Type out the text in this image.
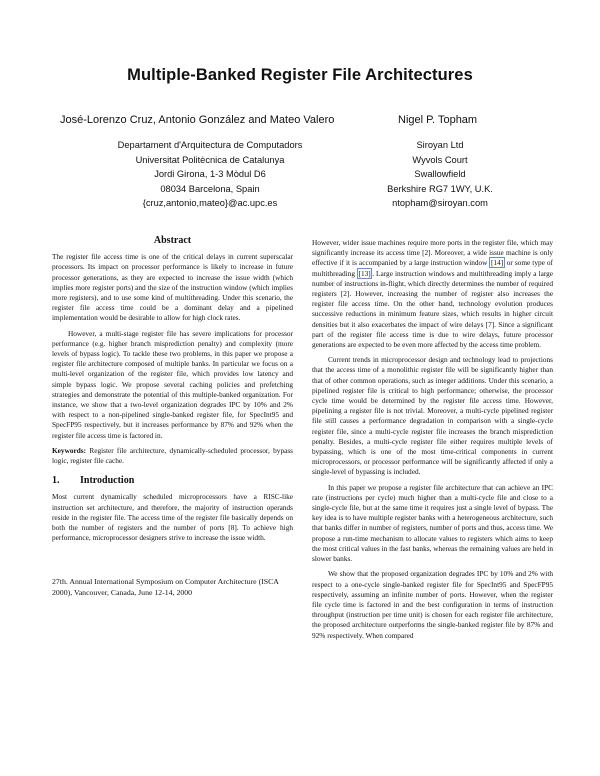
Multiple-Banked Register File Architectures
José-Lorenzo Cruz, Antonio González and Mateo Valero	Nigel P. Topham
Departament d'Arquitectura de Computadors
Universitat Politècnica de Catalunya
Jordi Girona, 1-3 Mòdul D6
08034 Barcelona, Spain
{cruz,antonio,mateo}@ac.upc.es
Siroyan Ltd
Wyvols Court
Swallowfield
Berkshire RG7 1WY, U.K.
ntopham@siroyan.com
Abstract

The register file access time is one of the critical delays in current superscalar processors. Its impact on processor performance is likely to increase in future processor generations, as they are expected to increase the issue width (which implies more register ports) and the size of the instruction window (which implies more registers), and to use some kind of multithreading. Under this scenario, the register file access time could be a dominant delay and a pipelined implementation would be desirable to allow for high clock rates.

However, a multi-stage register file has severe implications for processor performance (e.g. higher branch misprediction penalty) and complexity (more levels of bypass logic). To tackle these two problems, in this paper we propose a register file architecture composed of multiple banks. In particular we focus on a multi-level organization of the register file, which provides low latency and simple bypass logic. We propose several caching policies and prefetching strategies and demonstrate the potential of this multiple-banked organization. For instance, we show that a two-level organization degrades IPC by 10% and 2% with respect to a non-pipelined single-banked register file, for SpecInt95 and SpecFP95 respectively, but it increases performance by 87% and 92% when the register file access time is factored in.

Keywords: Register file architecture, dynamically-scheduled processor, bypass logic, register file cache.

1. Introduction

Most current dynamically scheduled microprocessors have a RISC-like instruction set architecture, and therefore, the majority of instruction operands reside in the register file. The access time of the register file basically depends on both the number of registers and the number of ports [8]. To achieve high performance, microprocessor designers strive to increase the issue width.

27th. Annual International Symposium on Computer Architecture (ISCA 2000), Vancouver, Canada, June 12-14, 2000

However, wider issue machines require more ports in the register file, which may significantly increase its access time [2]. Moreover, a wide issue machine is only effective if it is accompanied by a large instruction window [14] or some type of multithreading [13] . Large instruction windows and multithreading imply a large number of instructions in-flight, which directly determines the number of required registers [2]. However, increasing the number of register also increases the register file access time. On the other hand, technology evolution produces successive reductions in minimum feature sizes, which results in higher circuit densities but it also exacerbates the impact of wire delays [7]. Since a significant part of the register file access time is due to wire delays, future processor generations are expected to be even more affected by the access time problem.

Current trends in microprocessor design and technology lead to projections that the access time of a monolithic register file will be significantly higher than that of other common operations, such as integer additions. Under this scenario, a pipelined register file is critical to high performance; otherwise, the processor cycle time would be determined by the register file access time. However, pipelining a register file is not trivial. Moreover, a multi-cycle pipelined register file still causes a performance degradation in comparison with a single-cycle register file, since a multi-cycle register file increases the branch misprediction penalty. Besides, a multi-cycle register file either requires multiple levels of bypassing, which is one of the most time-critical components in current microprocessors, or processor performance will be significantly affected if only a single-level of bypassing is included.

In this paper we propose a register file architecture that can achieve an IPC rate (instructions per cycle) much higher than a multi-cycle file and close to a single-cycle file, but at the same time it requires just a single level of bypass. The key idea is to have multiple register banks with a heterogeneous architecture, such that banks differ in number of registers, number of ports and thus, access time. We propose a run-time mechanism to allocate values to registers which aims to keep the most critical values in the fast banks, whereas the remaining values are held in slower banks.

We show that the proposed organization degrades IPC by 10% and 2% with respect to a one-cycle single-banked register file for SpecInt95 and SpecFP95 respectively, assuming an infinite number of ports. However, when the register file cycle time is factored in and the best configuration in terms of instruction throughput (instruction per time unit) is chosen for each register file architecture, the proposed architecture outperforms the single-banked register file by 87% and 92% respectively. When compared
